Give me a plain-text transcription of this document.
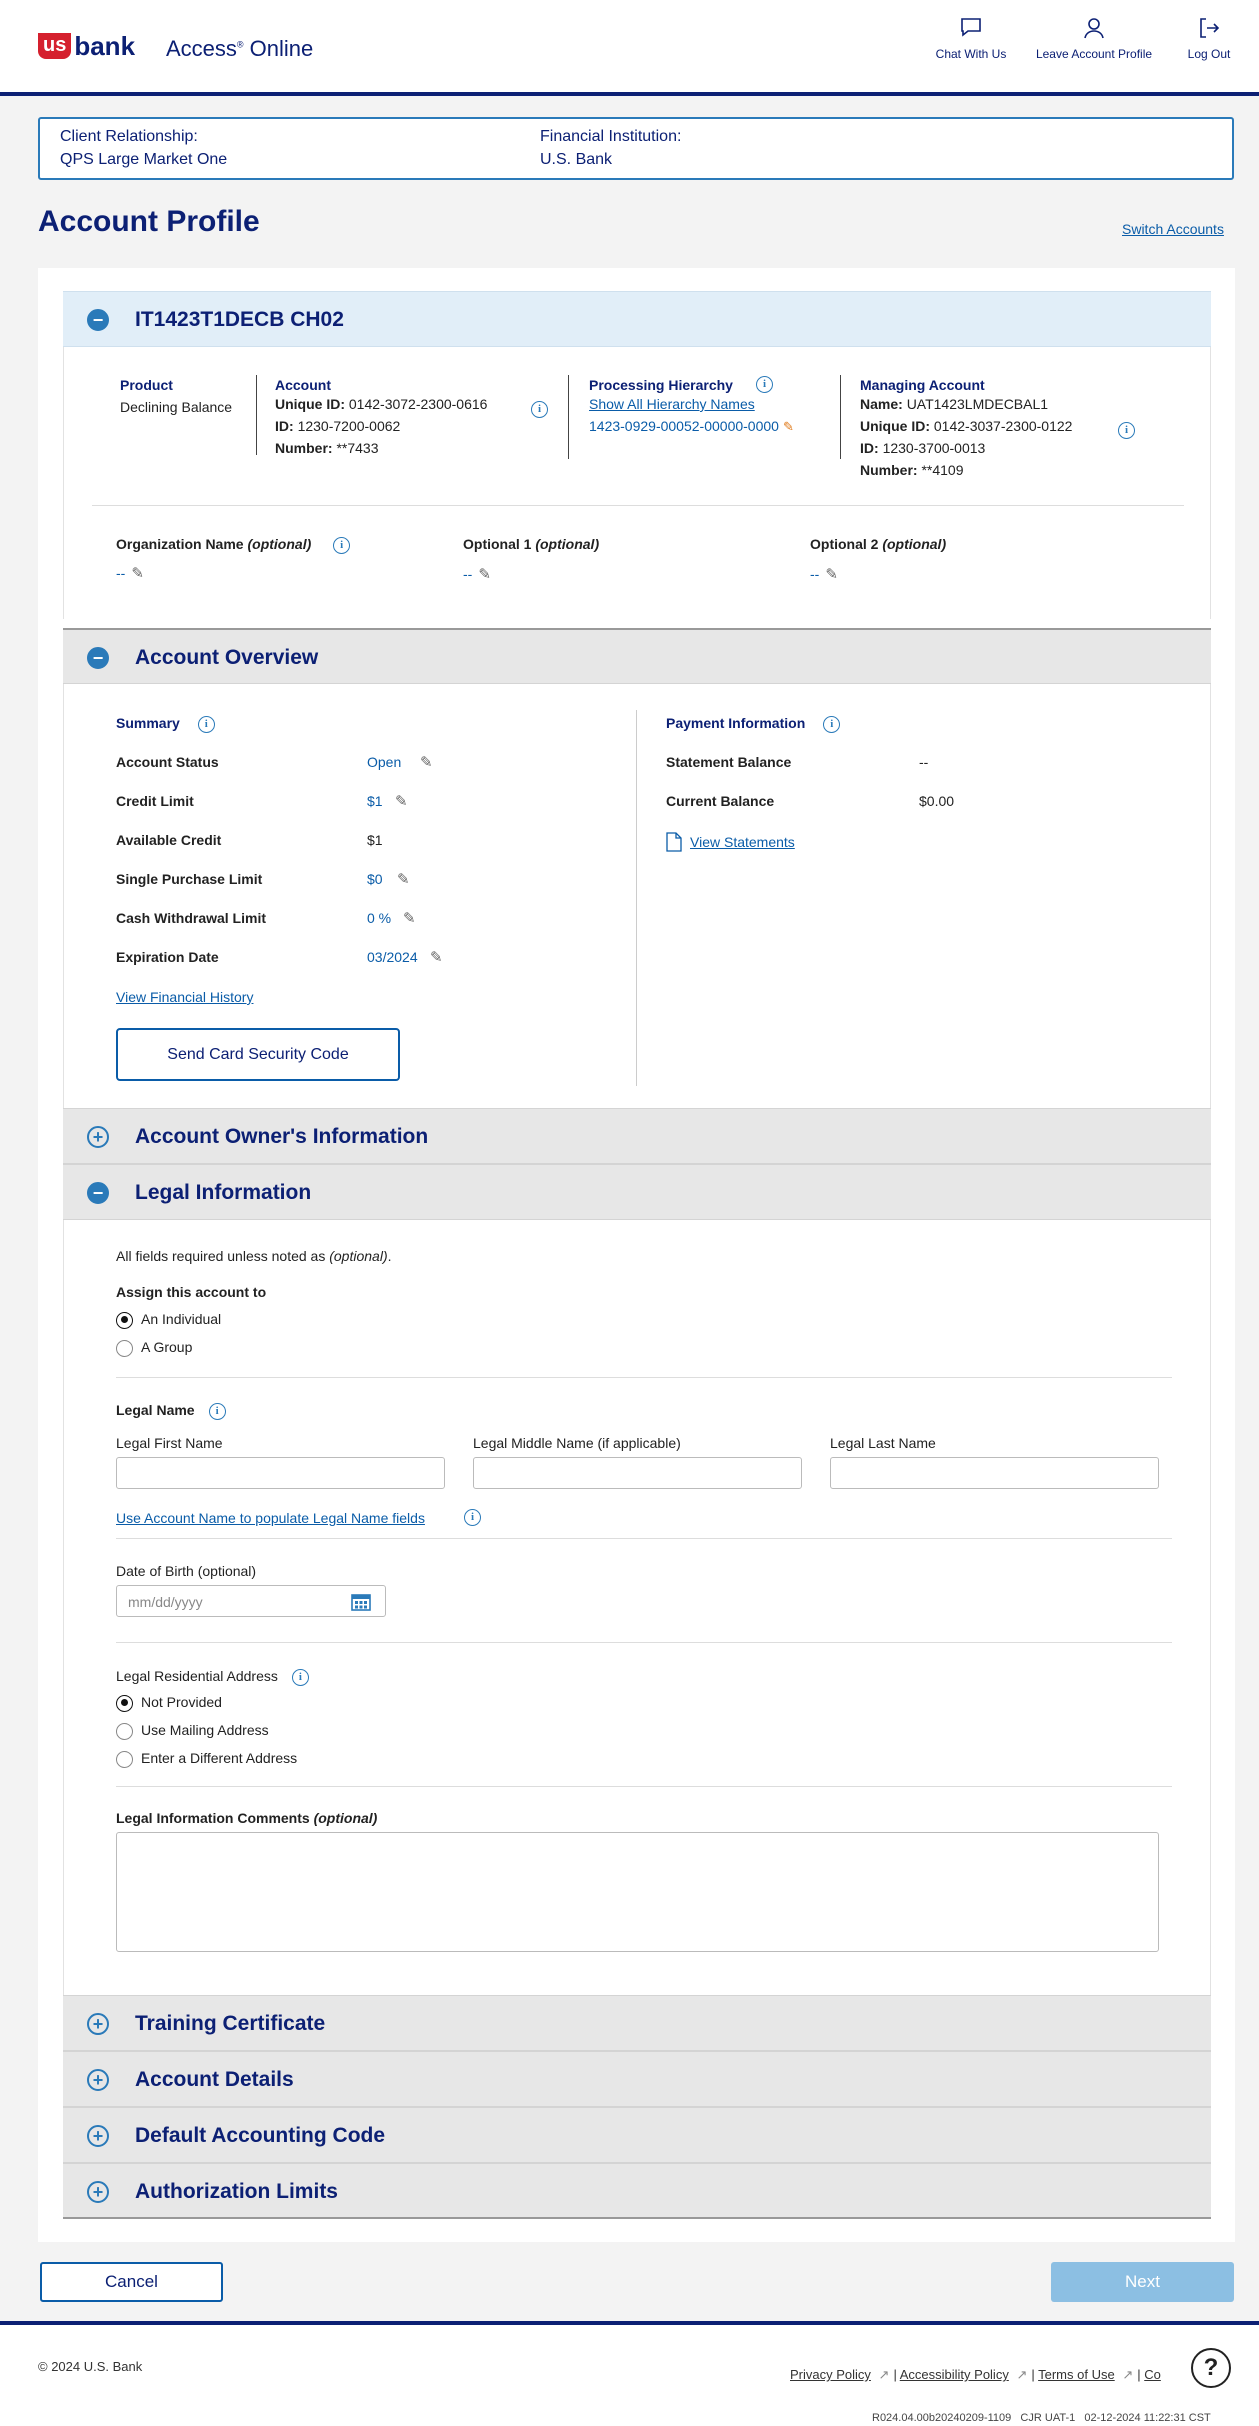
us bank Access® Online	Chat With Us	Leave Account Profile	Log Out
Client Relationship:
QPS Large Market One
Financial Institution:
U.S. Bank
Account Profile	Switch Accounts
− IT1423T1DECB CH02
Product
Declining Balance
Account
Unique ID: 0142-3072-2300-0616
ID: 1230-7200-0062
Number: **7433
i
Processing Hierarchy
Show All Hierarchy Names
1423-0929-00052-00000-0000 ✎
i	Managing Account
Name: UAT1423LMDECBAL1
Unique ID: 0142-3037-2300-0122
ID: 1230-3700-0013
Number: **4109
i
Organization Name (optional)	i
-- ✎
Optional 1 (optional)
-- ✎
Optional 2 (optional)
-- ✎
− Account Overview
Summary i
Account Status	Open ✎
Credit Limit	$1 ✎
Available Credit	$1
Single Purchase Limit	$0 ✎
Cash Withdrawal Limit	0 % ✎
Expiration Date	03/2024 ✎
View Financial History
Send Card Security Code
Payment Information i
Statement Balance	--
Current Balance	$0.00
View Statements
+ Account Owner's Information
− Legal Information
All fields required unless noted as (optional).
Assign this account to
An Individual
A Group
Legal Name i
Legal First Name	Legal Middle Name (if applicable)	Legal Last Name
Use Account Name to populate Legal Name fields	i
Date of Birth (optional)
mm/dd/yyyy
Legal Residential Address i
Not Provided
Use Mailing Address
Enter a Different Address
Legal Information Comments (optional)
+ Training Certificate
+ Account Details
+ Default Accounting Code
+ Authorization Limits
Cancel	Next
© 2024 U.S. Bank
Privacy Policy ↗ | Accessibility Policy ↗ | Terms of Use ↗ | Co	?
R024.04.00b20240209-1109   CJR UAT-1   02-12-2024 11:22:31 CST
